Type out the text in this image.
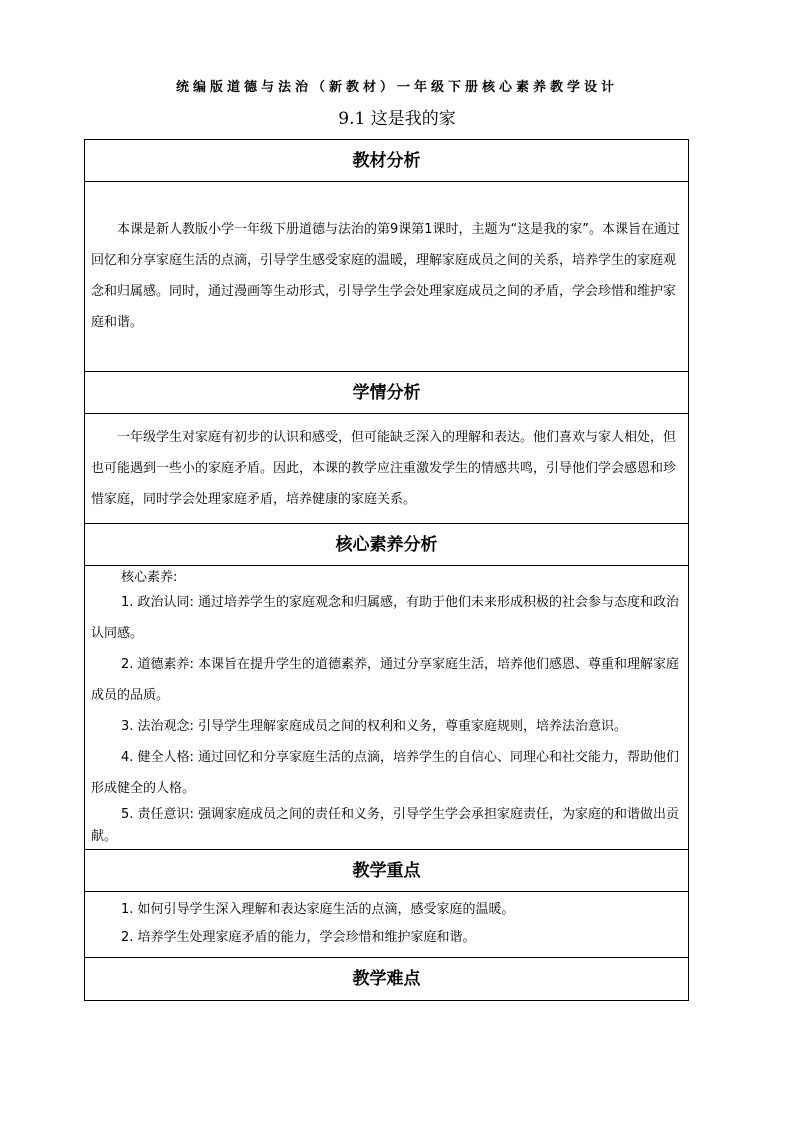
统编版道德与法治（新教材）一年级下册核心素养教学设计
9.1 这是我的家
教材分析

本课是新人教版小学一年级下册道德与法治的第9课第1课时，主题为“这是我的家”。本课旨在通过回忆和分享家庭生活的点滴，引导学生感受家庭的温暖，理解家庭成员之间的关系，培养学生的家庭观念和归属感。同时，通过漫画等生动形式，引导学生学会处理家庭成员之间的矛盾，学会珍惜和维护家庭和谐。

学情分析

一年级学生对家庭有初步的认识和感受，但可能缺乏深入的理解和表达。他们喜欢与家人相处，但也可能遇到一些小的家庭矛盾。因此，本课的教学应注重激发学生的情感共鸣，引导他们学会感恩和珍惜家庭，同时学会处理家庭矛盾，培养健康的家庭关系。

核心素养分析
核心素养:
1. 政治认同: 通过培养学生的家庭观念和归属感，有助于他们未来形成积极的社会参与态度和政治认同感。
2. 道德素养: 本课旨在提升学生的道德素养，通过分享家庭生活，培养他们感恩、尊重和理解家庭成员的品质。
3. 法治观念: 引导学生理解家庭成员之间的权利和义务，尊重家庭规则，培养法治意识。
4. 健全人格: 通过回忆和分享家庭生活的点滴，培养学生的自信心、同理心和社交能力，帮助他们形成健全的人格。
5. 责任意识: 强调家庭成员之间的责任和义务，引导学生学会承担家庭责任，为家庭的和谐做出贡献。
教学重点
1. 如何引导学生深入理解和表达家庭生活的点滴，感受家庭的温暖。
2. 培养学生处理家庭矛盾的能力，学会珍惜和维护家庭和谐。
教学难点
